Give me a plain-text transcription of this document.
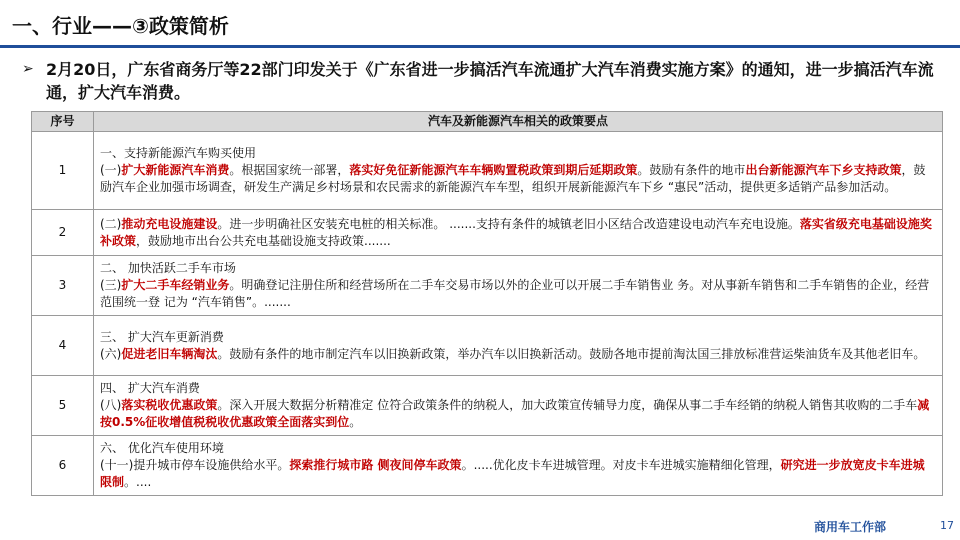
一、行业——③政策简析
➢ 2月20日，广东省商务厅等22部门印发关于《广东省进一步搞活汽车流通扩大汽车消费实施方案》的通知，进一步搞活汽车流通，扩大汽车消费。
序号	汽车及新能源汽车相关的政策要点
1	一、支持新能源汽车购买使用
(一)扩大新能源汽车消费。根据国家统一部署，落实好免征新能源汽车车辆购置税政策到期后延期政策。鼓励有条件的地市出台新能源汽车下乡支持政策，鼓励汽车企业加强市场调查，研发生产满足乡村场景和农民需求的新能源汽车车型，组织开展新能源汽车下乡 “惠民”活动，提供更多适销产品参加活动。

2	(二)推动充电设施建设。进一步明确社区安装充电桩的相关标准。 .......支持有条件的城镇老旧小区结合改造建设电动汽车充电设施。落实省级充电基础设施奖补政策，鼓励地市出台公共充电基础设施支持政策.......

3	二、 加快活跃二手车市场
(三)扩大二手车经销业务。明确登记注册住所和经营场所在二手车交易市场以外的企业可以开展二手车销售业 务。对从事新车销售和二手车销售的企业，经营范围统一登 记为 “汽车销售”。.......

4	三、 扩大汽车更新消费
(六)促进老旧车辆淘汰。鼓励有条件的地市制定汽车以旧换新政策，举办汽车以旧换新活动。鼓励各地市提前淘汰国三排放标准营运柴油货车及其他老旧车。

5	四、 扩大汽车消费
(八)落实税收优惠政策。深入开展大数据分析精准定 位符合政策条件的纳税人，加大政策宣传辅导力度，确保从事二手车经销的纳税人销售其收购的二手车减按0.5%征收增值税税收优惠政策全面落实到位。

6	六、 优化汽车使用环境
(十一)提升城市停车设施供给水平。探索推行城市路 侧夜间停车政策。.....优化皮卡车进城管理。对皮卡车进城实施精细化管理，研究进一步放宽皮卡车进城限制。....
商用车工作部	17
